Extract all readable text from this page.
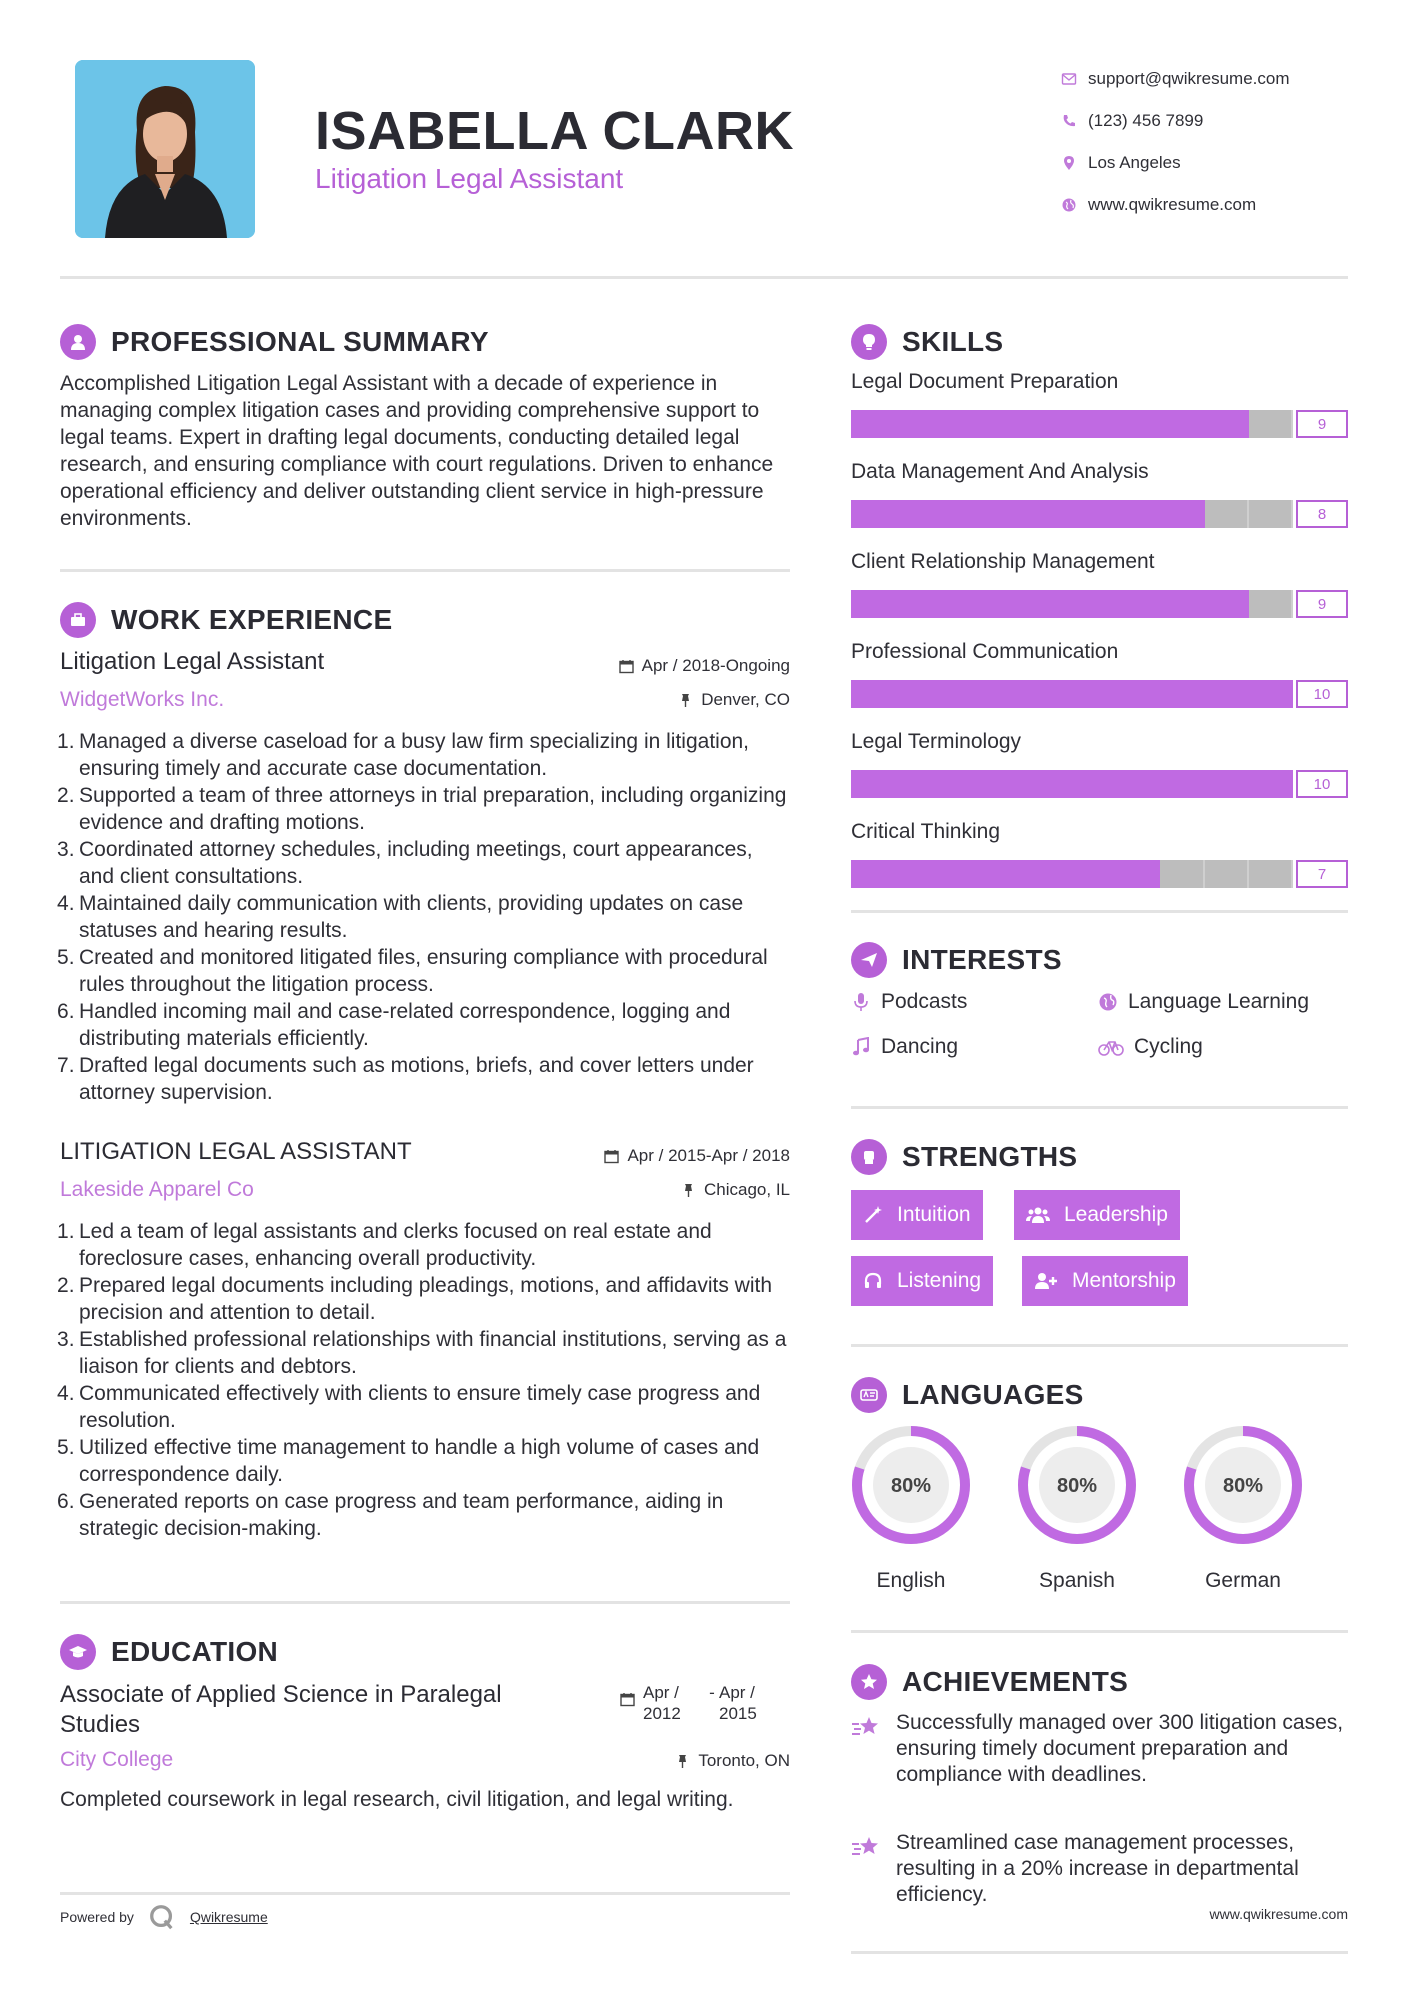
ISABELLA CLARK
Litigation Legal Assistant
support@qwikresume.com
(123) 456 7899
Los Angeles
www.qwikresume.com
PROFESSIONAL SUMMARY
Accomplished Litigation Legal Assistant with a decade of experience in managing complex litigation cases and providing comprehensive support to legal teams. Expert in drafting legal documents, conducting detailed legal research, and ensuring compliance with court regulations. Driven to enhance operational efficiency and deliver outstanding client service in high-pressure environments.
WORK EXPERIENCE
Litigation Legal Assistant	Apr / 2018-Ongoing
WidgetWorks Inc.	Denver, CO
Managed a diverse caseload for a busy law firm specializing in litigation, ensuring timely and accurate case documentation.
Supported a team of three attorneys in trial preparation, including organizing evidence and drafting motions.
Coordinated attorney schedules, including meetings, court appearances, and client consultations.
Maintained daily communication with clients, providing updates on case statuses and hearing results.
Created and monitored litigated files, ensuring compliance with procedural rules throughout the litigation process.
Handled incoming mail and case-related correspondence, logging and distributing materials efficiently.
Drafted legal documents such as motions, briefs, and cover letters under attorney supervision.
LITIGATION LEGAL ASSISTANT	Apr / 2015-Apr / 2018
Lakeside Apparel Co	Chicago, IL
Led a team of legal assistants and clerks focused on real estate and foreclosure cases, enhancing overall productivity.
Prepared legal documents including pleadings, motions, and affidavits with precision and attention to detail.
Established professional relationships with financial institutions, serving as a liaison for clients and debtors.
Communicated effectively with clients to ensure timely case progress and resolution.
Utilized effective time management to handle a high volume of cases and correspondence daily.
Generated reports on case progress and team performance, aiding in strategic decision-making.
EDUCATION
Associate of Applied Science in Paralegal Studies
Apr / 2012
- Apr / 2015
City College	Toronto, ON
Completed coursework in legal research, civil litigation, and legal writing.
Powered by	Qwikresume
SKILLS
Legal Document Preparation
9
Data Management And Analysis
8
Client Relationship Management
9
Professional Communication
10
Legal Terminology
10
Critical Thinking
7
INTERESTS
Podcasts	Language Learning
Dancing	Cycling
STRENGTHS
Intuition	Leadership
Listening	Mentorship
LANGUAGES
80%
English
80%
Spanish
80%
German
ACHIEVEMENTS
Successfully managed over 300 litigation cases, ensuring timely document preparation and compliance with deadlines.
Streamlined case management processes, resulting in a 20% increase in departmental efficiency.
www.qwikresume.com
